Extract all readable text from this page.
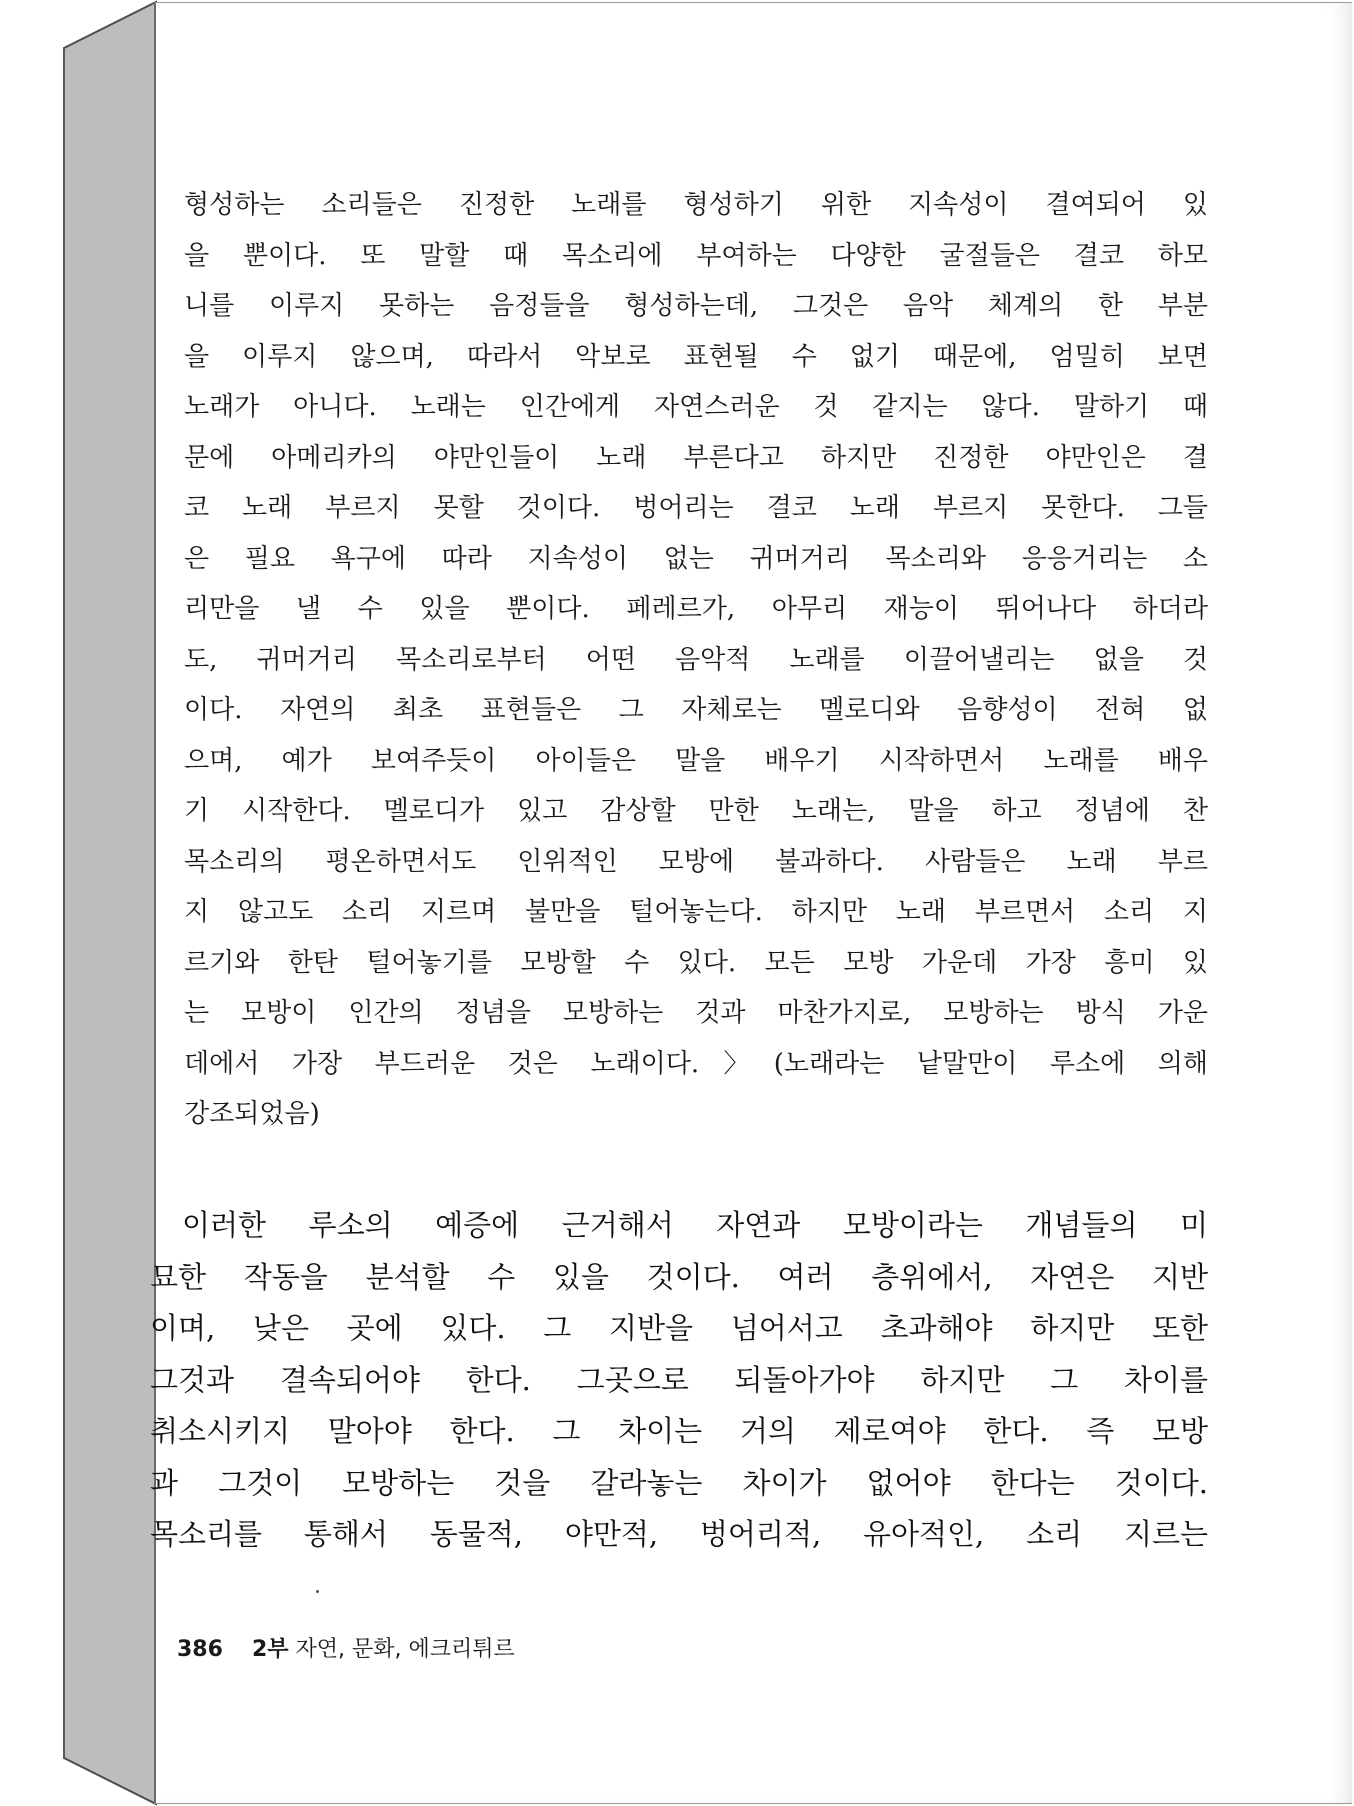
형성하는 소리들은 진정한 노래를 형성하기 위한 지속성이 결여되어 있
을 뿐이다. 또 말할 때 목소리에 부여하는 다양한 굴절들은 결코 하모
니를 이루지 못하는 음정들을 형성하는데, 그것은 음악 체계의 한 부분
을 이루지 않으며, 따라서 악보로 표현될 수 없기 때문에, 엄밀히 보면
노래가 아니다. 노래는 인간에게 자연스러운 것 같지는 않다. 말하기 때
문에 아메리카의 야만인들이 노래 부른다고 하지만 진정한 야만인은 결
코 노래 부르지 못할 것이다. 벙어리는 결코 노래 부르지 못한다. 그들
은 필요 욕구에 따라 지속성이 없는 귀머거리 목소리와 응응거리는 소
리만을 낼 수 있을 뿐이다. 페레르가, 아무리 재능이 뛰어나다 하더라
도, 귀머거리 목소리로부터 어떤 음악적 노래를 이끌어낼리는 없을 것
이다. 자연의 최초 표현들은 그 자체로는 멜로디와 음향성이 전혀 없
으며, 예가 보여주듯이 아이들은 말을 배우기 시작하면서 노래를 배우
기 시작한다. 멜로디가 있고 감상할 만한 노래는, 말을 하고 정념에 찬
목소리의 평온하면서도 인위적인 모방에 불과하다. 사람들은 노래 부르
지 않고도 소리 지르며 불만을 털어놓는다. 하지만 노래 부르면서 소리 지
르기와 한탄 털어놓기를 모방할 수 있다. 모든 모방 가운데 가장 흥미 있
는 모방이 인간의 정념을 모방하는 것과 마찬가지로, 모방하는 방식 가운
데에서 가장 부드러운 것은 노래이다.〉(노래라는 낱말만이 루소에 의해
강조되었음)
이러한 루소의 예증에 근거해서 자연과 모방이라는 개념들의 미
묘한 작동을 분석할 수 있을 것이다. 여러 층위에서, 자연은 지반
이며, 낮은 곳에 있다. 그 지반을 넘어서고 초과해야 하지만 또한
그것과 결속되어야 한다. 그곳으로 되돌아가야 하지만 그 차이를
취소시키지 말아야 한다. 그 차이는 거의 제로여야 한다. 즉 모방
과 그것이 모방하는 것을 갈라놓는 차이가 없어야 한다는 것이다.
목소리를 통해서 동물적, 야만적, 벙어리적, 유아적인, 소리 지르는
386 2부 자연, 문화, 에크리튀르
